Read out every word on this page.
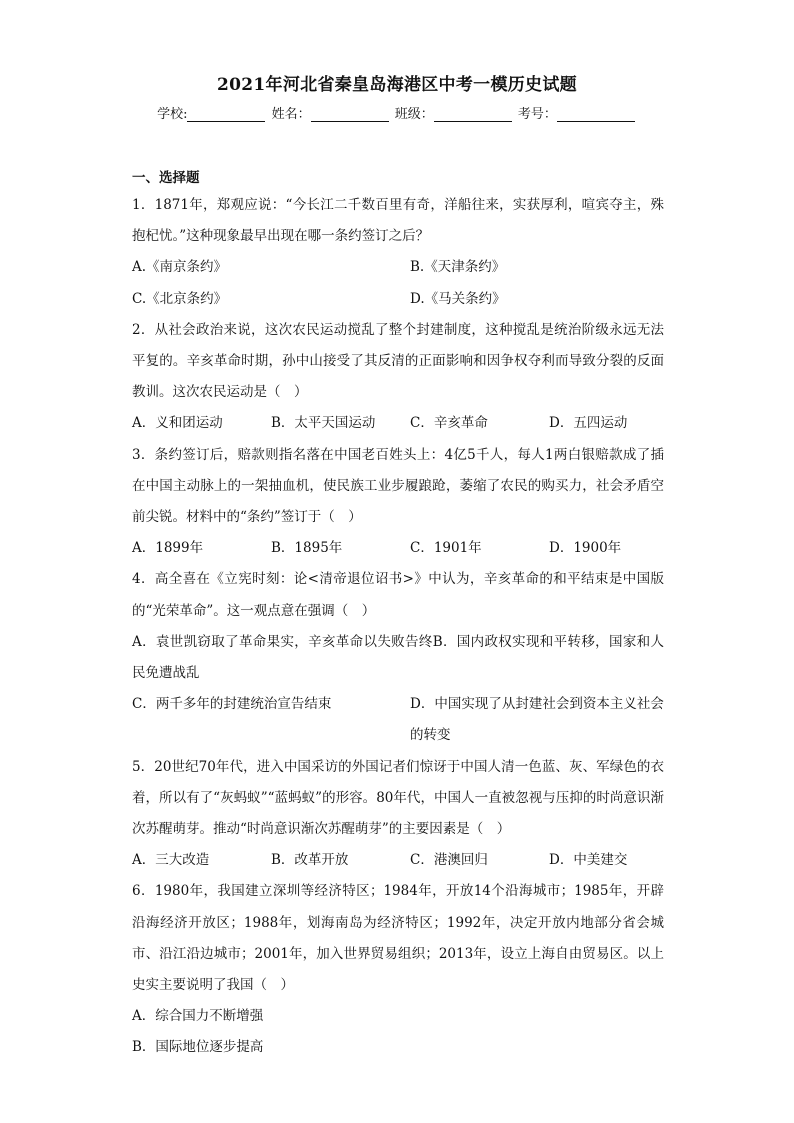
2021年河北省秦皇岛海港区中考一模历史试题
学校:	姓名：	班级：	考号：
一、选择题

1．1871年，郑观应说：“今长江二千数百里有奇，洋船往来，实获厚利，喧宾夺主，殊抱杞忧。”这种现象最早出现在哪一条约签订之后？

A.《南京条约》	B.《天津条约》
C.《北京条约》	D.《马关条约》

2．从社会政治来说，这次农民运动搅乱了整个封建制度，这种搅乱是统治阶级永远无法平复的。辛亥革命时期，孙中山接受了其反清的正面影响和因争权夺利而导致分裂的反面教训。这次农民运动是（　）

A．义和团运动	B．太平天国运动	C．辛亥革命	D．五四运动

3．条约签订后，赔款则指名落在中国老百姓头上：4亿5千人，每人1两白银赔款成了插在中国主动脉上的一架抽血机，使民族工业步履踉跄，萎缩了农民的购买力，社会矛盾空前尖锐。材料中的“条约”签订于（　）

A．1899年	B．1895年	C．1901年	D．1900年

4．高全喜在《立宪时刻：论<清帝退位诏书>》中认为，辛亥革命的和平结束是中国版的“光荣革命”。这一观点意在强调（　）

A．袁世凯窃取了革命果实，辛亥革命以失败告终B．国内政权实现和平转移，国家和人民免遭战乱

C．两千多年的封建统治宣告结束	D．中国实现了从封建社会到资本主义社会的转变

5．20世纪70年代，进入中国采访的外国记者们惊讶于中国人清一色蓝、灰、军绿色的衣着，所以有了“灰蚂蚁”“蓝蚂蚁”的形容。80年代，中国人一直被忽视与压抑的时尚意识渐次苏醒萌芽。推动“时尚意识渐次苏醒萌芽”的主要因素是（　）

A．三大改造	B．改革开放	C．港澳回归	D．中美建交

6．1980年，我国建立深圳等经济特区；1984年，开放14个沿海城市；1985年，开辟沿海经济开放区；1988年，划海南岛为经济特区；1992年，决定开放内地部分省会城市、沿江沿边城市；2001年，加入世界贸易组织；2013年，设立上海自由贸易区。以上史实主要说明了我国（　）

A．综合国力不断增强

B．国际地位逐步提高
